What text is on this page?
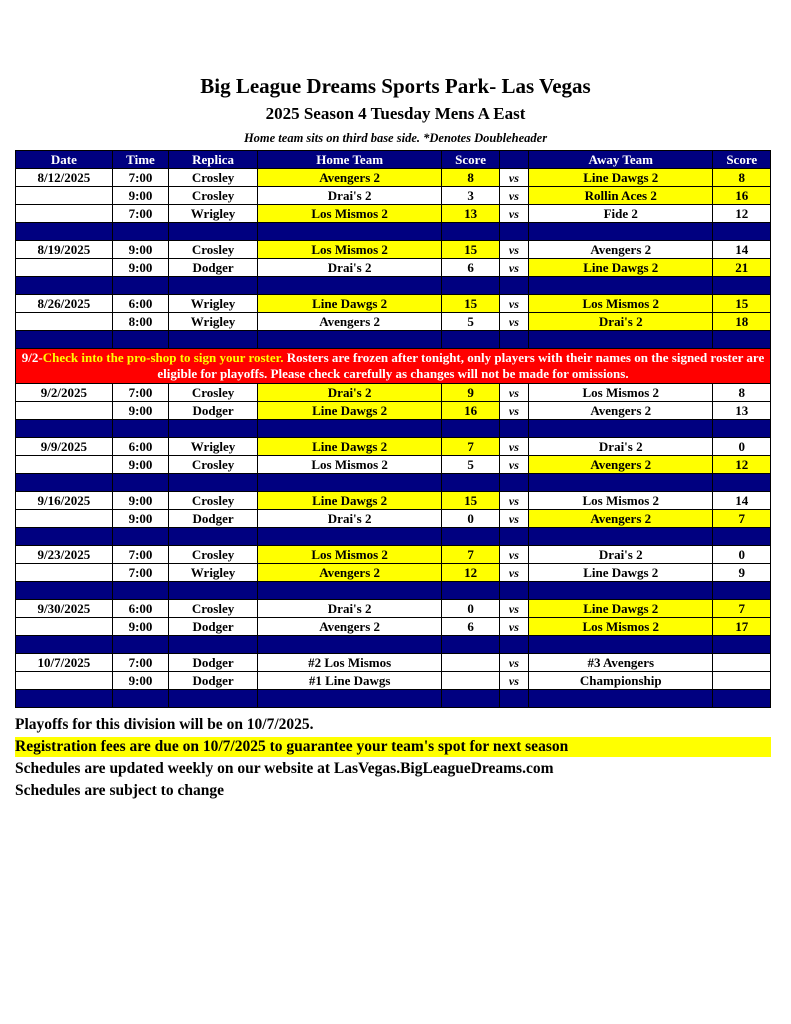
Big League Dreams Sports Park- Las Vegas
2025 Season 4 Tuesday Mens A East
Home team sits on third base side. *Denotes Doubleheader
Date	Time	Replica	Home Team	Score		Away Team	Score
8/12/2025	7:00	Crosley	Avengers 2	8	vs	Line Dawgs 2	8
	9:00	Crosley	Drai's 2	3	vs	Rollin Aces 2	16
	7:00	Wrigley	Los Mismos 2	13	vs	Fide 2	12

8/19/2025	9:00	Crosley	Los Mismos 2	15	vs	Avengers 2	14
	9:00	Dodger	Drai's 2	6	vs	Line Dawgs 2	21

8/26/2025	6:00	Wrigley	Line Dawgs 2	15	vs	Los Mismos 2	15
	8:00	Wrigley	Avengers 2	5	vs	Drai's 2	18

9/2-Check into the pro-shop to sign your roster. Rosters are frozen after tonight, only players with their names on the signed roster are eligible for playoffs. Please check carefully as changes will not be made for omissions.							
9/2/2025	7:00	Crosley	Drai's 2	9	vs	Los Mismos 2	8
	9:00	Dodger	Line Dawgs 2	16	vs	Avengers 2	13

9/9/2025	6:00	Wrigley	Line Dawgs 2	7	vs	Drai's 2	0
	9:00	Crosley	Los Mismos 2	5	vs	Avengers 2	12

9/16/2025	9:00	Crosley	Line Dawgs 2	15	vs	Los Mismos 2	14
	9:00	Dodger	Drai's 2	0	vs	Avengers 2	7

9/23/2025	7:00	Crosley	Los Mismos 2	7	vs	Drai's 2	0
	7:00	Wrigley	Avengers 2	12	vs	Line Dawgs 2	9

9/30/2025	6:00	Crosley	Drai's 2	0	vs	Line Dawgs 2	7
	9:00	Dodger	Avengers 2	6	vs	Los Mismos 2	17

10/7/2025	7:00	Dodger	#2 Los Mismos		vs	#3 Avengers	
	9:00	Dodger	#1 Line Dawgs		vs	Championship	

Playoffs for this division will be on 10/7/2025.
Registration fees are due on 10/7/2025 to guarantee your team's spot for next season
Schedules are updated weekly on our website at LasVegas.BigLeagueDreams.com
Schedules are subject to change
